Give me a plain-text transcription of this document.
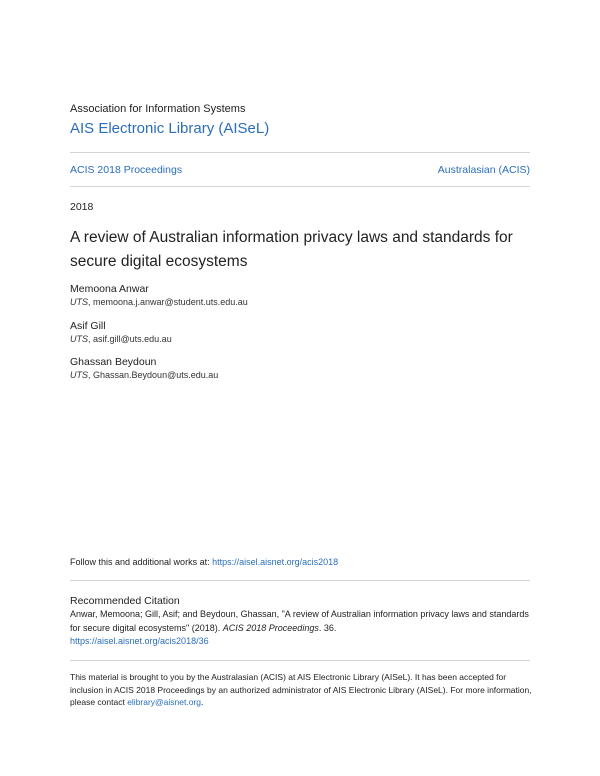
Association for Information Systems
AIS Electronic Library (AISeL)
ACIS 2018 Proceedings	Australasian (ACIS)
2018
A review of Australian information privacy laws and standards for secure digital ecosystems
Memoona Anwar
UTS, memoona.j.anwar@student.uts.edu.au
Asif Gill
UTS, asif.gill@uts.edu.au
Ghassan Beydoun
UTS, Ghassan.Beydoun@uts.edu.au
Follow this and additional works at: https://aisel.aisnet.org/acis2018
Recommended Citation
Anwar, Memoona; Gill, Asif; and Beydoun, Ghassan, "A review of Australian information privacy laws and standards for secure digital ecosystems" (2018). ACIS 2018 Proceedings. 36.
https://aisel.aisnet.org/acis2018/36
This material is brought to you by the Australasian (ACIS) at AIS Electronic Library (AISeL). It has been accepted for inclusion in ACIS 2018 Proceedings by an authorized administrator of AIS Electronic Library (AISeL). For more information, please contact elibrary@aisnet.org.
